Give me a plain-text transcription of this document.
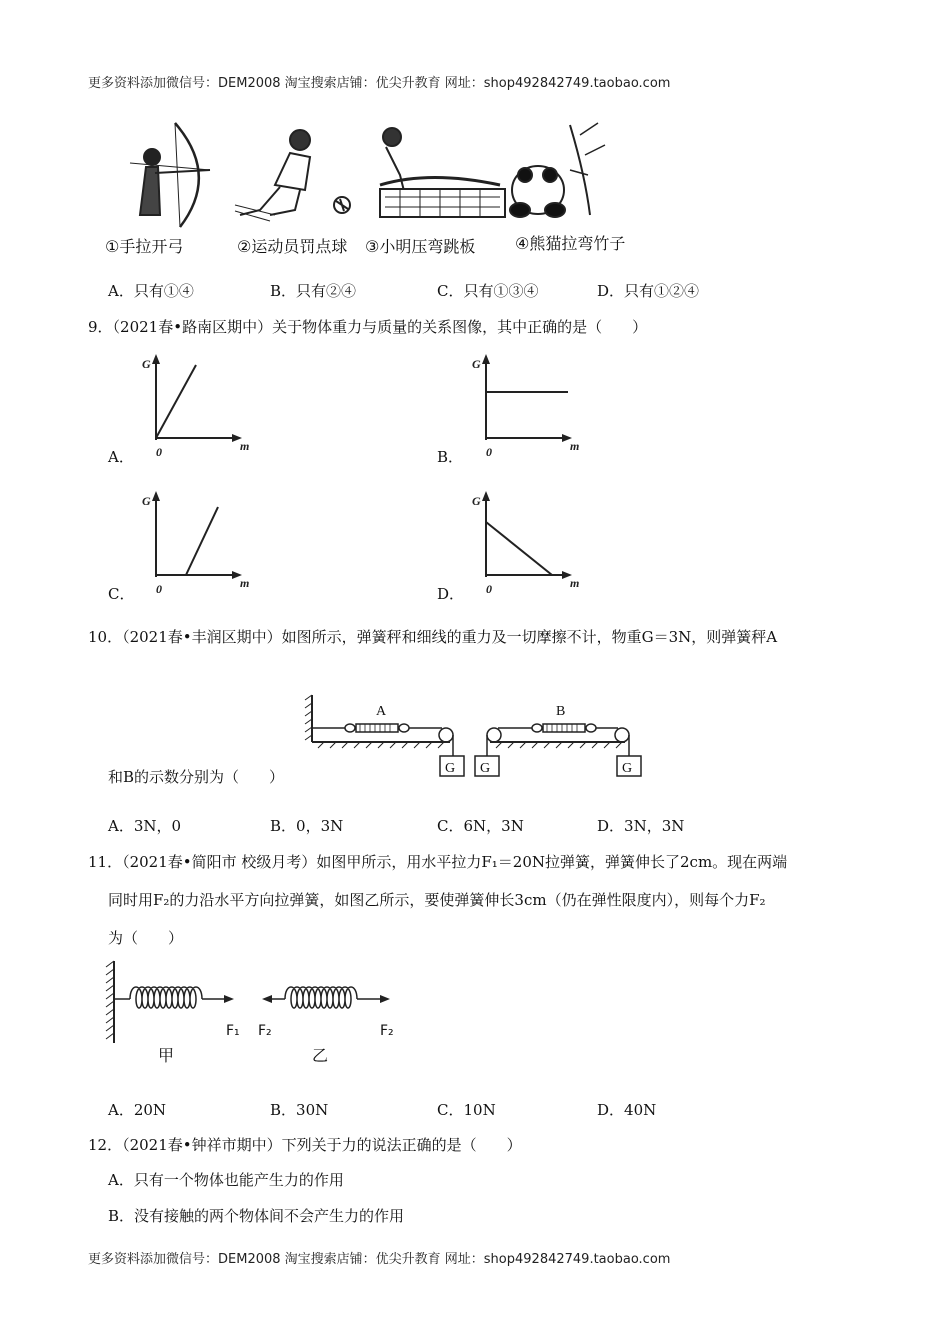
更多资料添加微信号：DEM2008 淘宝搜索店铺：优尖升教育 网址：shop492842749.taobao.com
①手拉开弓	②运动员罚点球 ③小明压弯跳板 ④熊猫拉弯竹子
A．只有①④	B．只有②④	C．只有①③④	D．只有①②④
9．（2021春•路南区期中）关于物体重力与质量的关系图像，其中正确的是（　　）
A．
G
0	m
B．
G
0	m
C．
G
0	m
D．
G
0	m
10．（2021春•丰润区期中）如图所示，弹簧秤和细线的重力及一切摩擦不计，物重G＝3N，则弹簧秤A
A
G
B
G	G
和B的示数分别为（　　）
A．3N，0	B．0，3N	C．6N，3N	D．3N，3N
11．（2021春•简阳市 校级月考）如图甲所示，用水平拉力F₁＝20N拉弹簧，弹簧伸长了2cm。现在两端
同时用F₂的力沿水平方向拉弹簧，如图乙所示，要使弹簧伸长3cm（仍在弹性限度内），则每个力F₂
为（　　）
F₁
甲
F₂	F₂
乙
A．20N	B．30N	C．10N	D．40N
12．（2021春•钟祥市期中）下列关于力的说法正确的是（　　）
A．只有一个物体也能产生力的作用
B．没有接触的两个物体间不会产生力的作用
更多资料添加微信号：DEM2008 淘宝搜索店铺：优尖升教育 网址：shop492842749.taobao.com
